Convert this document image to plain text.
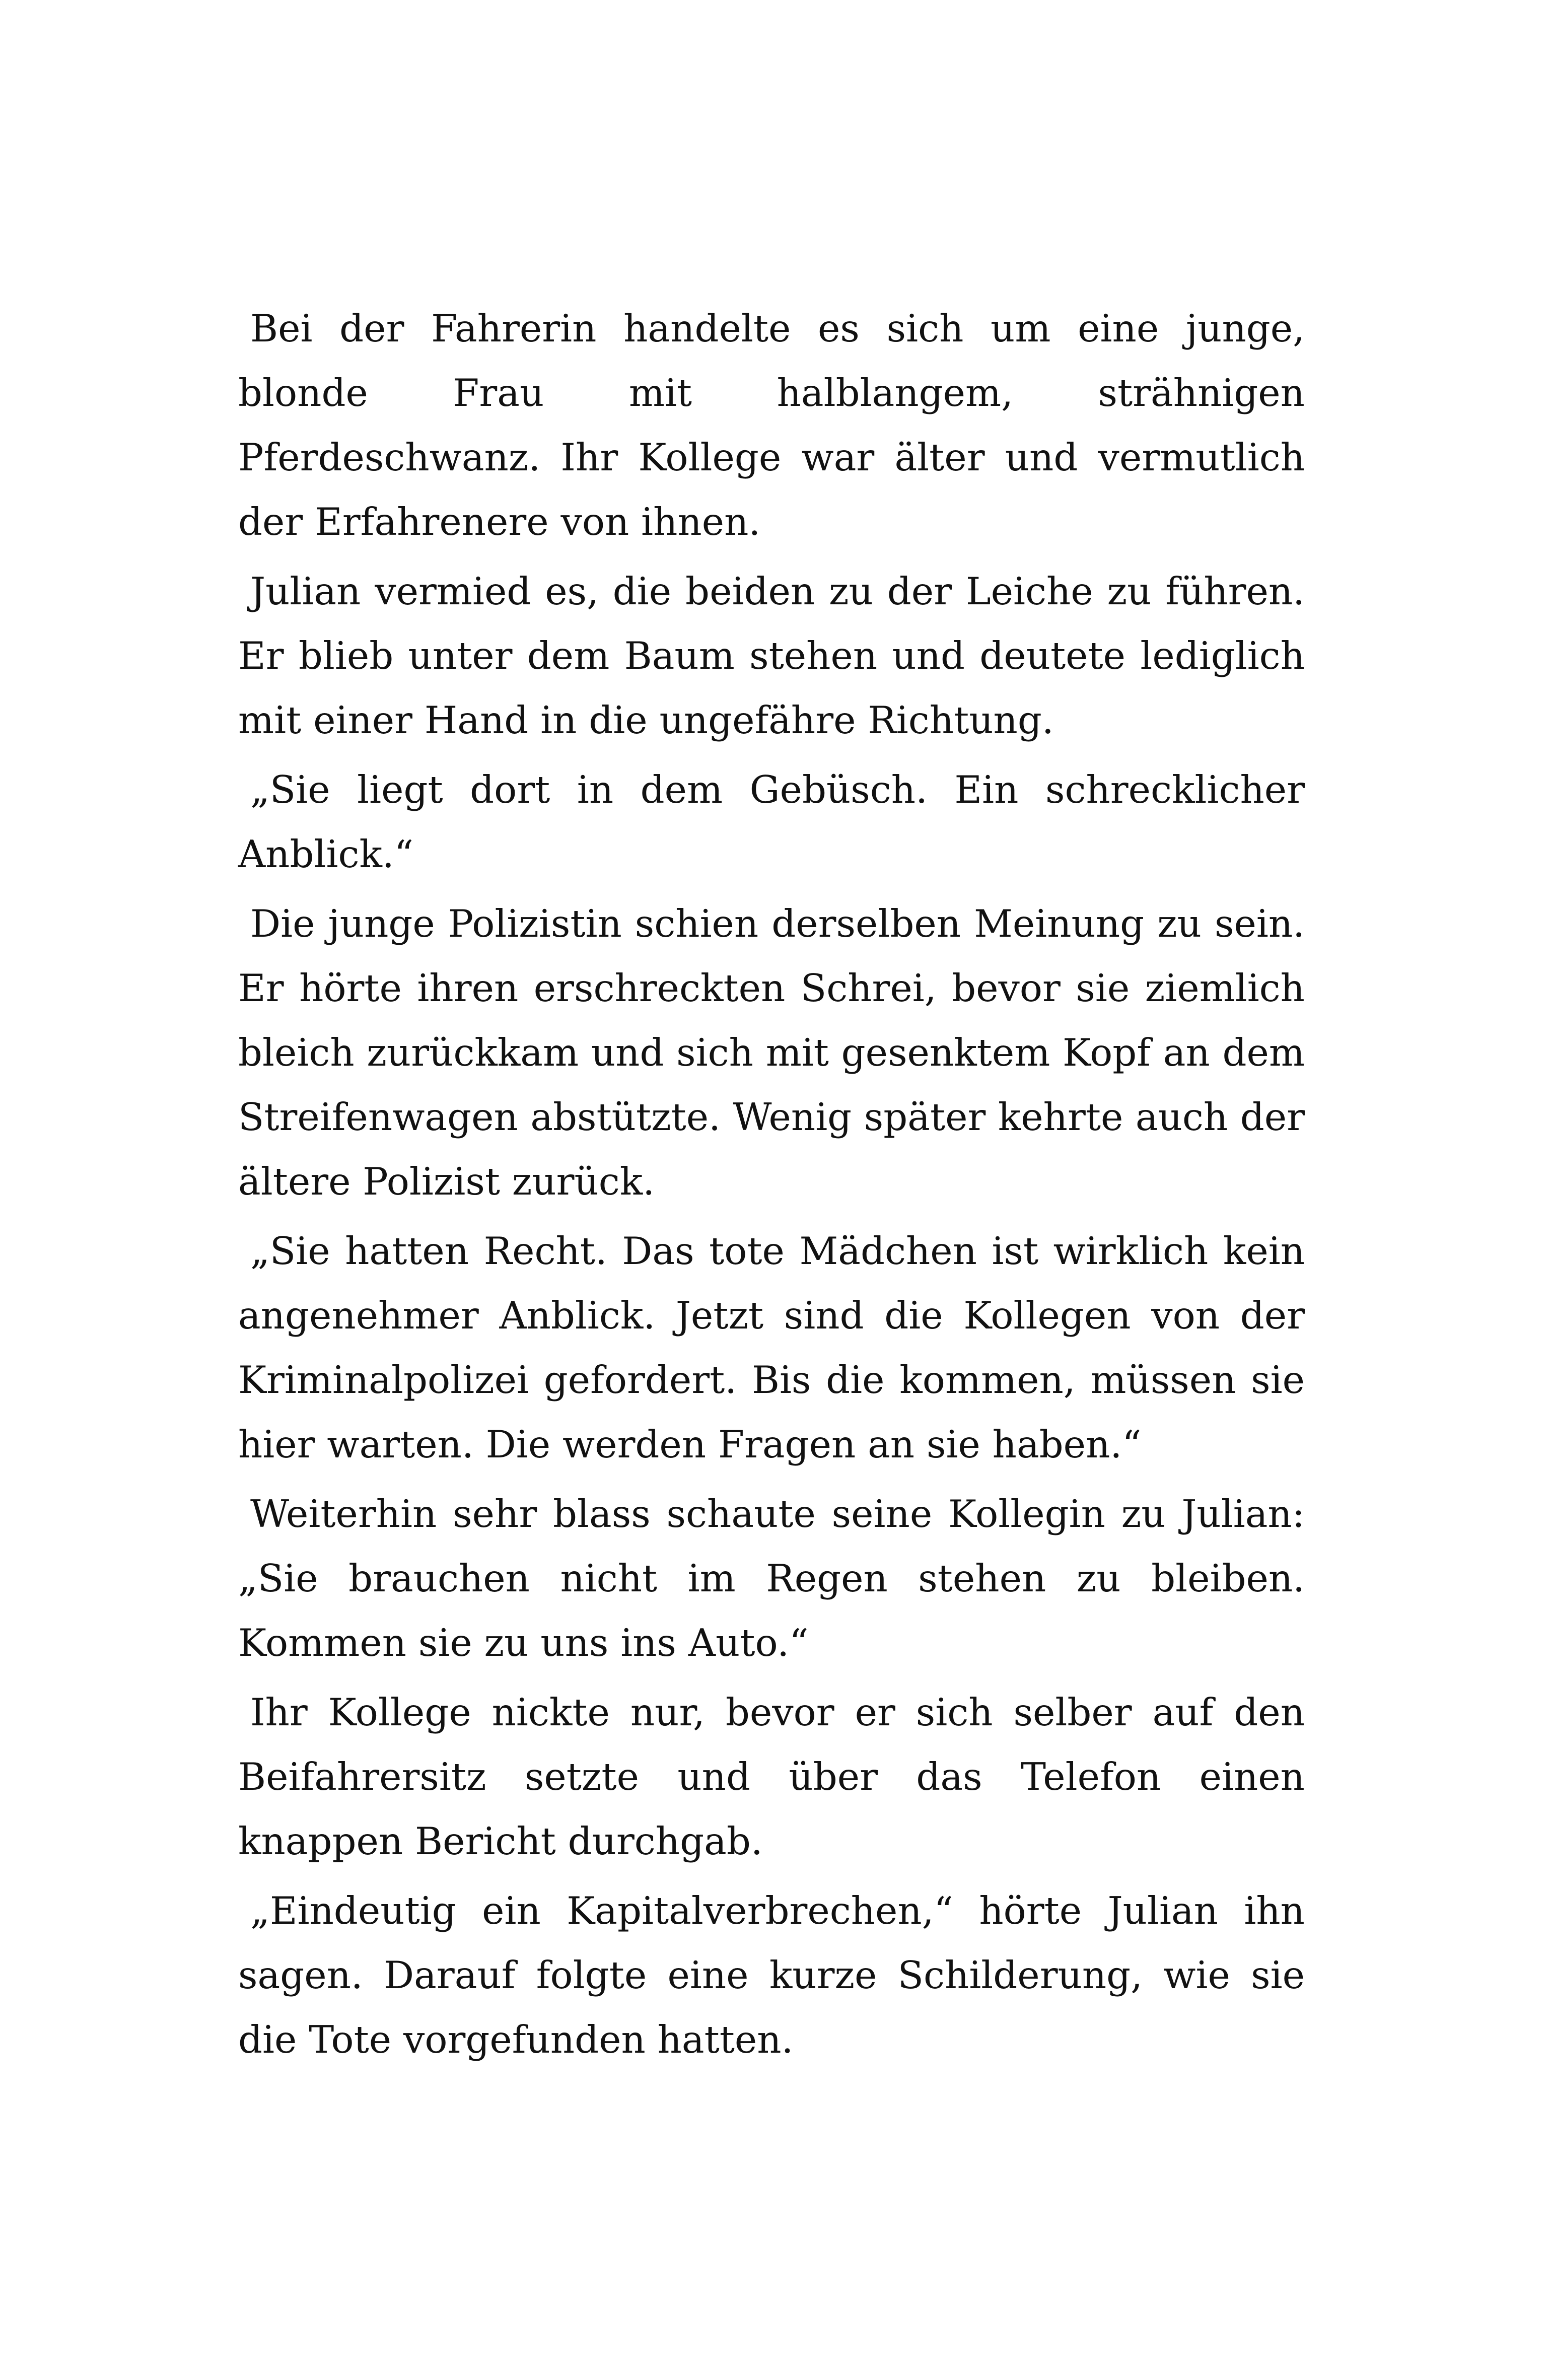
Bei der Fahrerin handelte es sich um eine junge, blonde Frau mit halblangem, strähnigen Pferdeschwanz. Ihr Kollege war älter und vermutlich der Erfahrenere von ihnen.

Julian vermied es, die beiden zu der Leiche zu führen. Er blieb unter dem Baum stehen und deutete lediglich mit einer Hand in die ungefähre Richtung.

„Sie liegt dort in dem Gebüsch. Ein schrecklicher Anblick.“

Die junge Polizistin schien derselben Meinung zu sein. Er hörte ihren erschreckten Schrei, bevor sie ziemlich bleich zurückkam und sich mit gesenktem Kopf an dem Streifenwagen abstützte. Wenig später kehrte auch der ältere Polizist zurück.

„Sie hatten Recht. Das tote Mädchen ist wirklich kein angenehmer Anblick. Jetzt sind die Kollegen von der Kriminalpolizei gefordert. Bis die kommen, müssen sie hier warten. Die werden Fragen an sie haben.“

Weiterhin sehr blass schaute seine Kollegin zu Julian: „Sie brauchen nicht im Regen stehen zu bleiben. Kommen sie zu uns ins Auto.“

Ihr Kollege nickte nur, bevor er sich selber auf den Beifahrersitz setzte und über das Telefon einen knappen Bericht durchgab.

„Eindeutig ein Kapitalverbrechen,“ hörte Julian ihn sagen. Darauf folgte eine kurze Schilderung, wie sie die Tote vorgefunden hatten.
